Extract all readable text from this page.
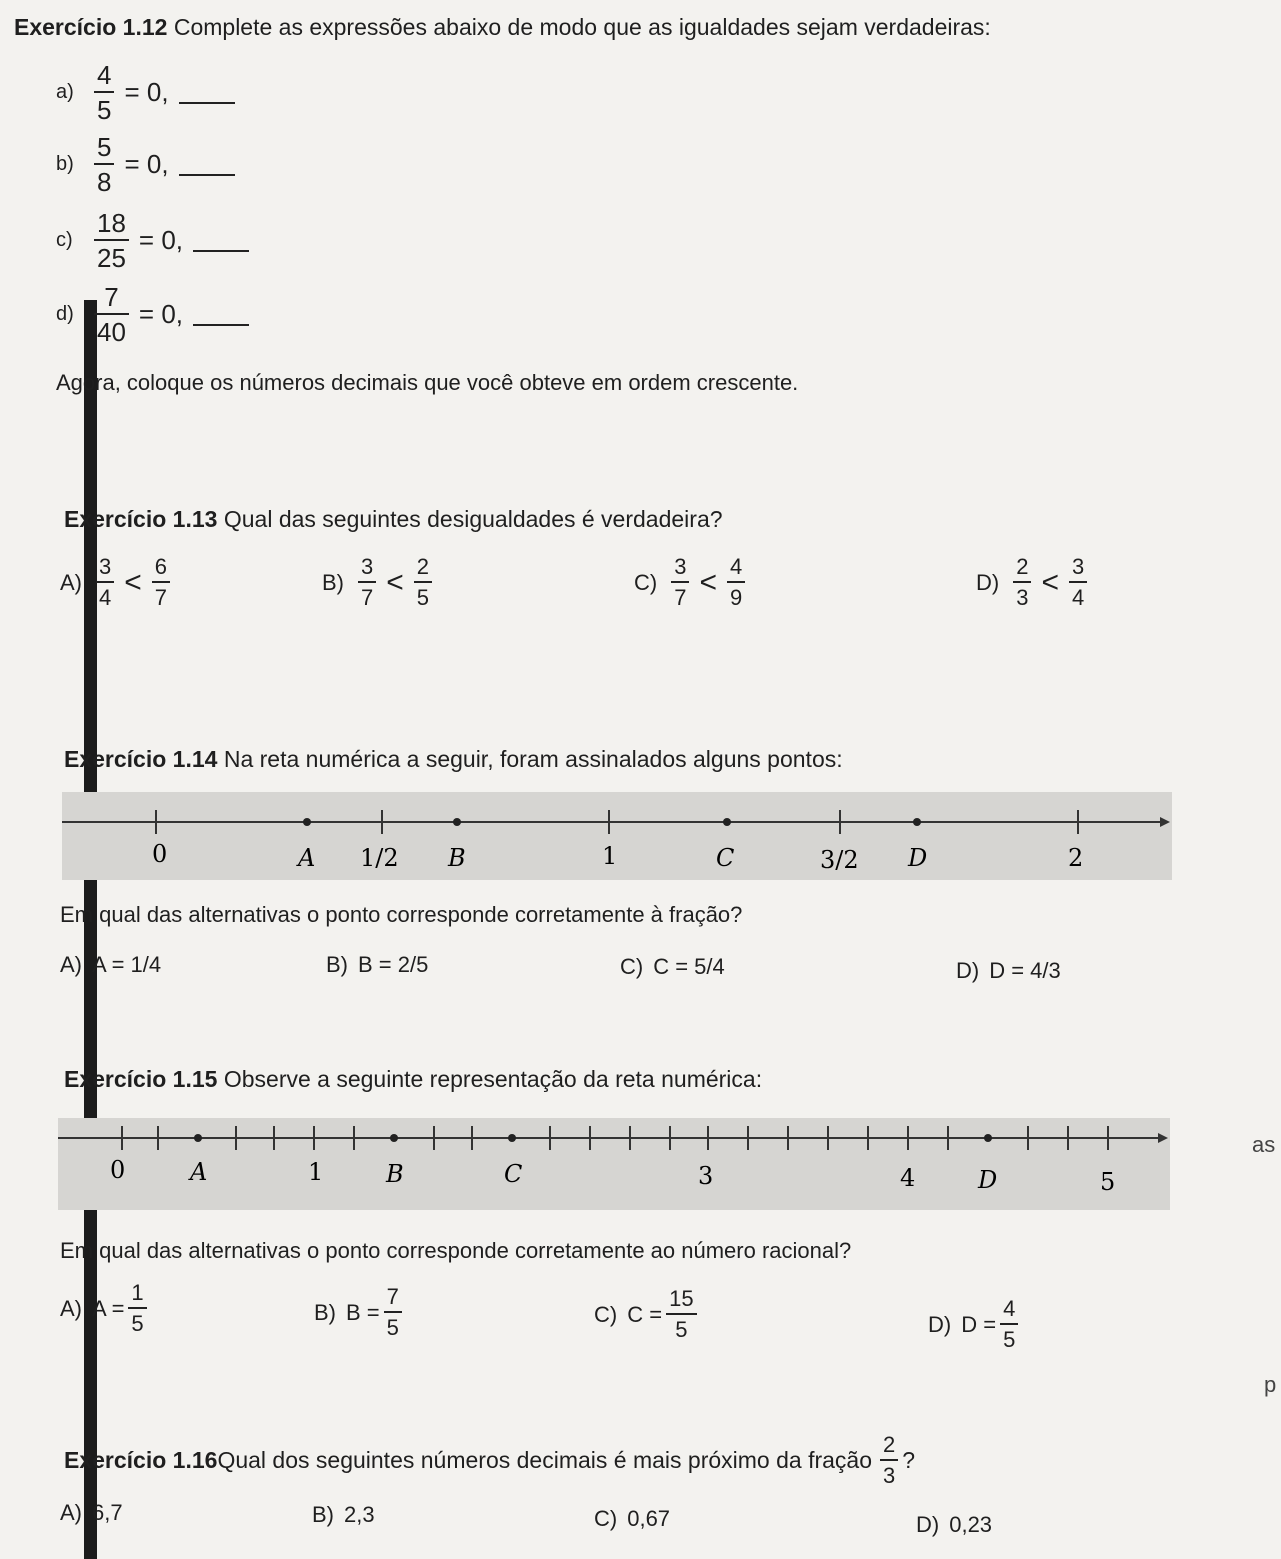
Exercício 1.12 Complete as expressões abaixo de modo que as igualdades sejam verdadeiras:
$a) \frac{4}{5} = 0$,
$b) \frac{5}{8} = 0$,
$c) \frac{18}{25} = 0$,
$d) \frac{7}{40} = 0$,
Agora, coloque os números decimais que você obteve em ordem crescente.
Exercício 1.13 Qual das seguintes desigualdades é verdadeira?
$A) \frac{3}{4} < \frac{6}{7}$	$B) \frac{3}{7} < \frac{2}{5}$	$C) \frac{3}{7} < \frac{4}{9}$	$D) \frac{2}{3} < \frac{3}{4}$
Exercício 1.14 Na reta numérica a seguir, foram assinalados alguns pontos:
0	A 1/2 B	1	C	3/2 D	2
Em qual das alternativas o ponto corresponde corretamente à fração?
A) A = 1/4	B) B = 2/5	C) C = 5/4	D) D = 4/3
Exercício 1.15 Observe a seguinte representação da reta numérica:
0	A	1	B	C	3	4	D	5
as
Em qual das alternativas o ponto corresponde corretamente ao número racional?
A) $A = \frac{1}{5}$	B) $B = \frac{7}{5}$	C) $C = \frac{15}{5}$	D) $D = \frac{4}{5}$
p
Exercício 1.16 Qual dos seguintes números decimais é mais próximo da fração $\frac{2}{3}$ ?
A) 6,7	B) 2,3	C) 0,67	D) 0,23
